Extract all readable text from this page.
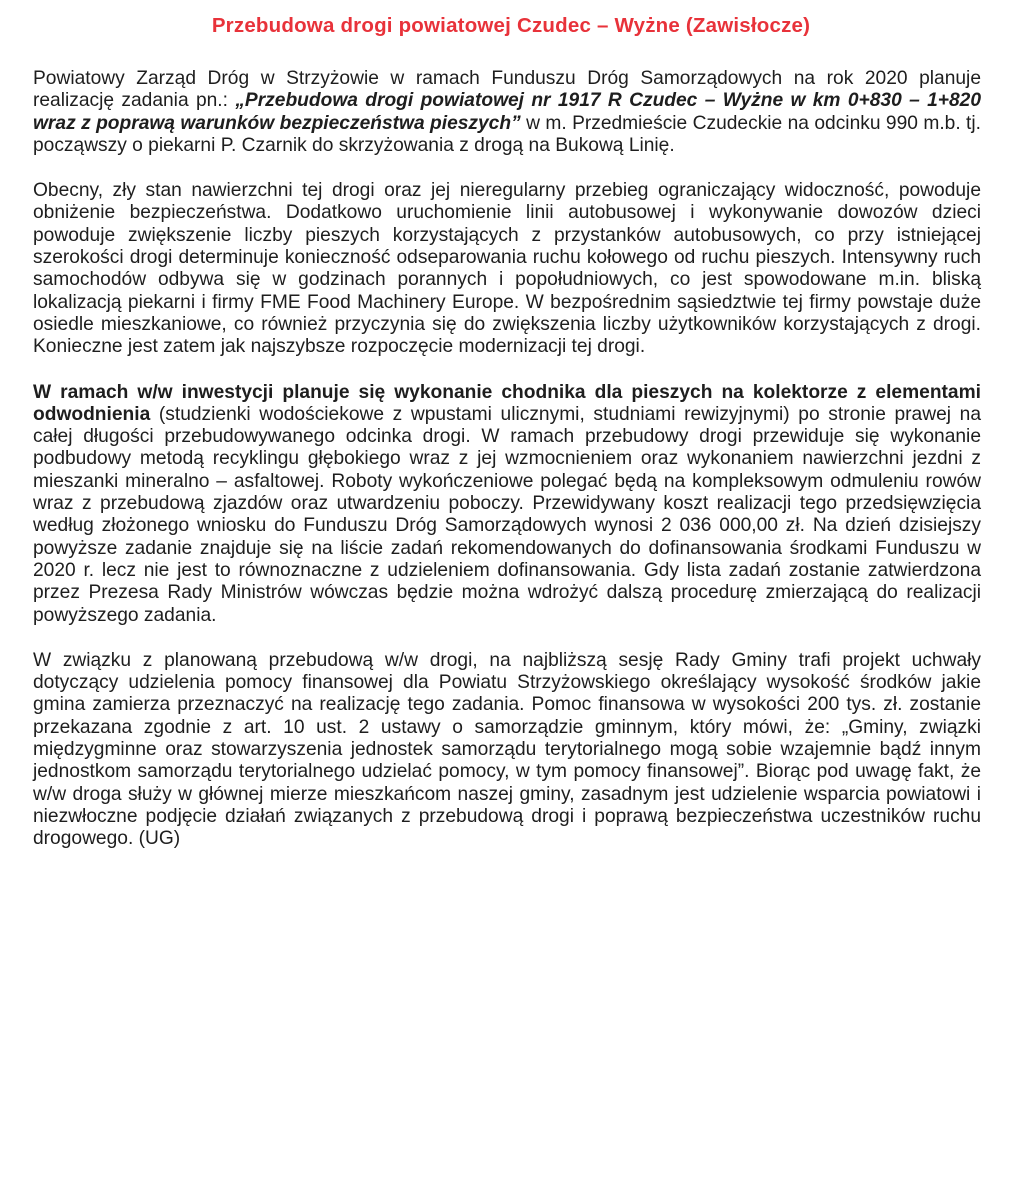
Przebudowa drogi powiatowej Czudec – Wyżne (Zawisłocze)

Powiatowy Zarząd Dróg w Strzyżowie w ramach Funduszu Dróg Samorządowych na rok 2020 planuje realizację zadania pn.: „Przebudowa drogi powiatowej nr 1917 R Czudec – Wyżne w km 0+830 – 1+820 wraz z poprawą warunków bezpieczeństwa pieszych” w m. Przedmieście Czudeckie na odcinku 990 m.b. tj. począwszy o piekarni P. Czarnik do skrzyżowania z drogą na Bukową Linię.

Obecny, zły stan nawierzchni tej drogi oraz jej nieregularny przebieg ograniczający widoczność, powoduje obniżenie bezpieczeństwa. Dodatkowo uruchomienie linii autobusowej i wykonywanie dowozów dzieci powoduje zwiększenie liczby pieszych korzystających z przystanków autobusowych, co przy istniejącej szerokości drogi determinuje konieczność odseparowania ruchu kołowego od ruchu pieszych. Intensywny ruch samochodów odbywa się w godzinach porannych i popołudniowych, co jest spowodowane m.in. bliską lokalizacją piekarni i firmy FME Food Machinery Europe. W bezpośrednim sąsiedztwie tej firmy powstaje duże osiedle mieszkaniowe, co również przyczynia się do zwiększenia liczby użytkowników korzystających z drogi. Konieczne jest zatem jak najszybsze rozpoczęcie modernizacji tej drogi.

W ramach w/w inwestycji planuje się wykonanie chodnika dla pieszych na kolektorze z elementami odwodnienia (studzienki wodościekowe z wpustami ulicznymi, studniami rewizyjnymi) po stronie prawej na całej długości przebudowywanego odcinka drogi. W ramach przebudowy drogi przewiduje się wykonanie podbudowy metodą recyklingu głębokiego wraz z jej wzmocnieniem oraz wykonaniem nawierzchni jezdni z mieszanki mineralno – asfaltowej. Roboty wykończeniowe polegać będą na kompleksowym odmuleniu rowów wraz z przebudową zjazdów oraz utwardzeniu poboczy. Przewidywany koszt realizacji tego przedsięwzięcia według złożonego wniosku do Funduszu Dróg Samorządowych wynosi 2 036 000,00 zł. Na dzień dzisiejszy powyższe zadanie znajduje się na liście zadań rekomendowanych do dofinansowania środkami Funduszu w 2020 r. lecz nie jest to równoznaczne z udzieleniem dofinansowania. Gdy lista zadań zostanie zatwierdzona przez Prezesa Rady Ministrów wówczas będzie można wdrożyć dalszą procedurę zmierzającą do realizacji powyższego zadania.

W związku z planowaną przebudową w/w drogi, na najbliższą sesję Rady Gminy trafi projekt uchwały dotyczący udzielenia pomocy finansowej dla Powiatu Strzyżowskiego określający wysokość środków jakie gmina zamierza przeznaczyć na realizację tego zadania. Pomoc finansowa w wysokości 200 tys. zł. zostanie przekazana zgodnie z art. 10 ust. 2 ustawy o samorządzie gminnym, który mówi, że: „Gminy, związki międzygminne oraz stowarzyszenia jednostek samorządu terytorialnego mogą sobie wzajemnie bądź innym jednostkom samorządu terytorialnego udzielać pomocy, w tym pomocy finansowej”. Biorąc pod uwagę fakt, że w/w droga służy w głównej mierze mieszkańcom naszej gminy, zasadnym jest udzielenie wsparcia powiatowi i niezwłoczne podjęcie działań związanych z przebudową drogi i poprawą bezpieczeństwa uczestników ruchu drogowego. (UG)
